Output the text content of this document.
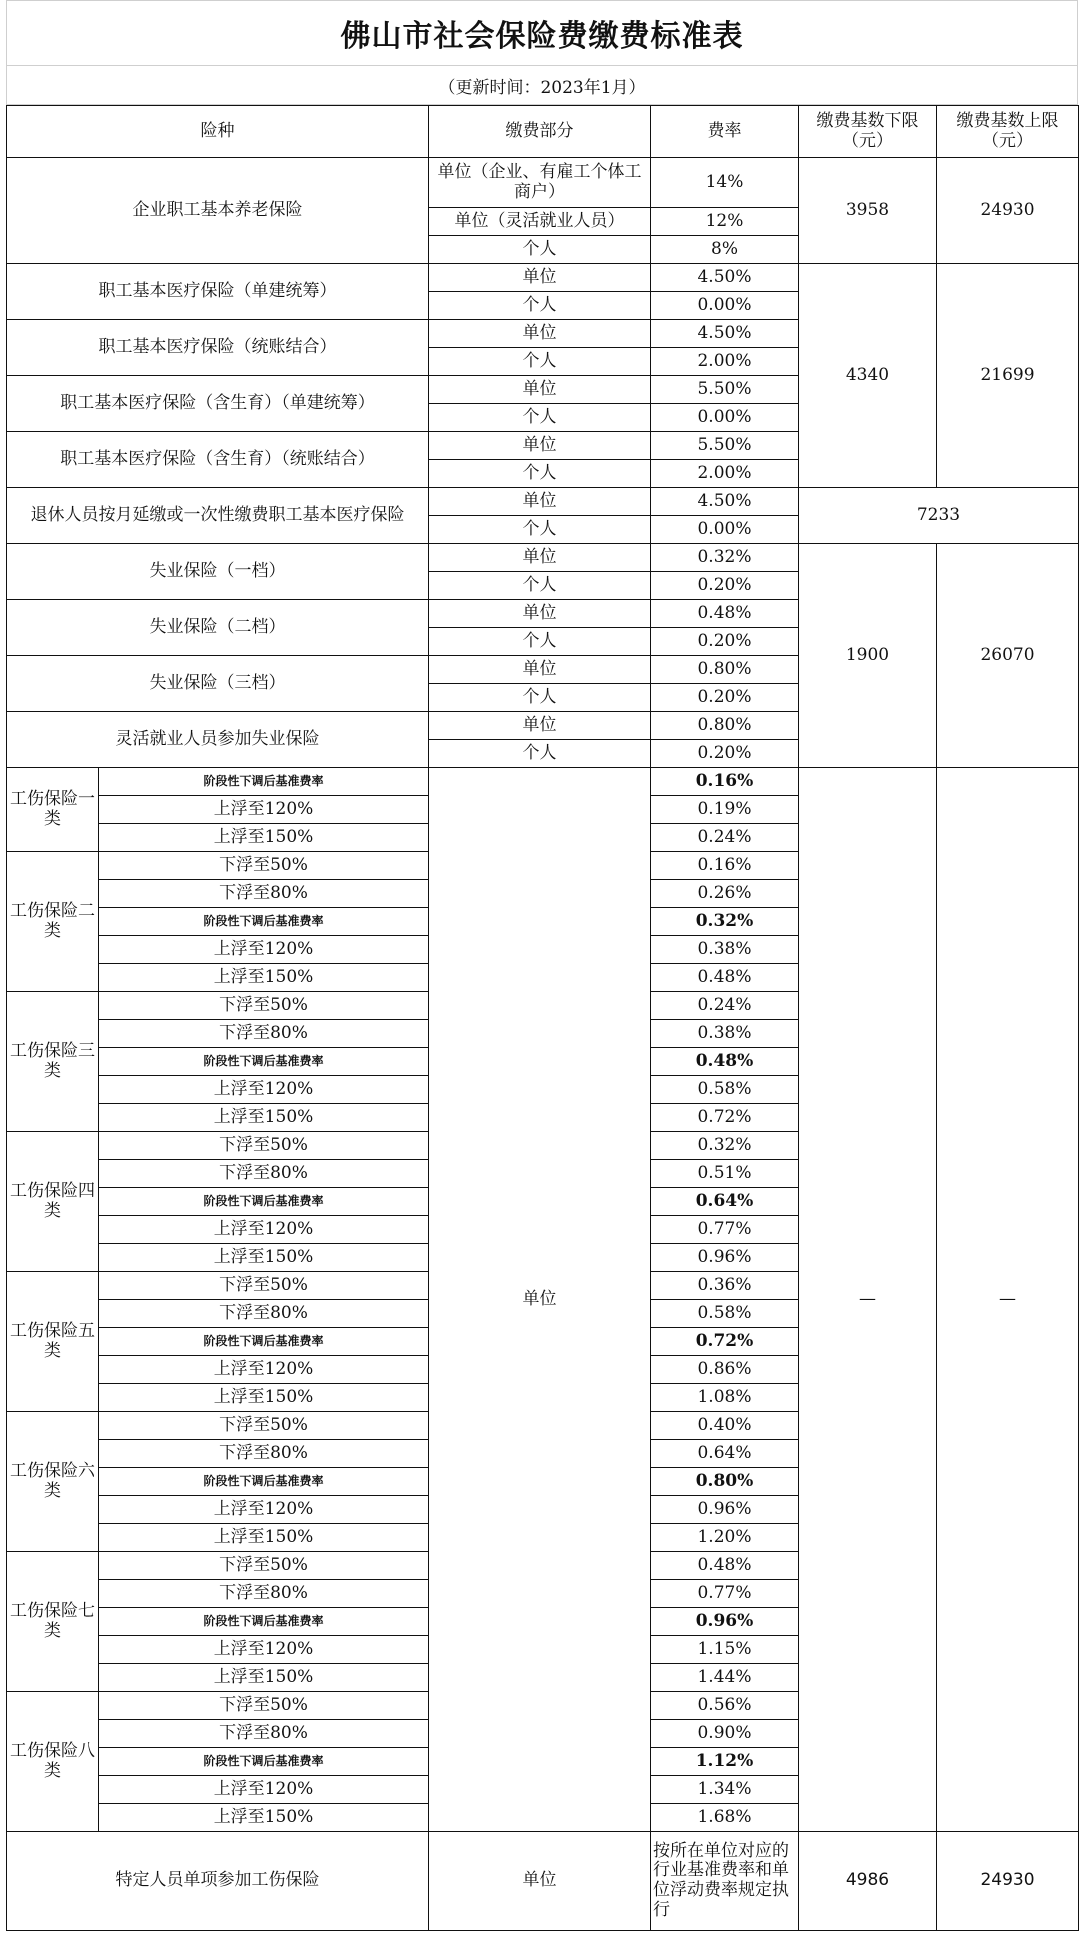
佛山市社会保险费缴费标准表
（更新时间：2023年1月）
险种		缴费部分	费率	缴费基数下限（元）	缴费基数上限（元）
企业职工基本养老保险		单位（企业、有雇工个体工商户）	14%	3958	24930
		单位（灵活就业人员）	12%		
		个人	8%		
职工基本医疗保险（单建统筹）		单位	4.50%	4340	21699
		个人	0.00%		
职工基本医疗保险（统账结合）		单位	4.50%		
		个人	2.00%		
职工基本医疗保险（含生育）（单建统筹）		单位	5.50%		
		个人	0.00%		
职工基本医疗保险（含生育）（统账结合）		单位	5.50%		
		个人	2.00%		
退休人员按月延缴或一次性缴费职工基本医疗保险		单位	4.50%	7233	
		个人	0.00%		
失业保险（一档）		单位	0.32%	1900	26070
		个人	0.20%		
失业保险（二档）		单位	0.48%		
		个人	0.20%		
失业保险（三档）		单位	0.80%		
		个人	0.20%		
灵活就业人员参加失业保险		单位	0.80%		
		个人	0.20%		
工伤保险一类	阶段性下调后基准费率	单位	0.16%	—	—
	上浮至120%		0.19%		
	上浮至150%		0.24%		
工伤保险二类	下浮至50%		0.16%		
	下浮至80%		0.26%		
	阶段性下调后基准费率		0.32%		
	上浮至120%		0.38%		
	上浮至150%		0.48%		
工伤保险三类	下浮至50%		0.24%		
	下浮至80%		0.38%		
	阶段性下调后基准费率		0.48%		
	上浮至120%		0.58%		
	上浮至150%		0.72%		
工伤保险四类	下浮至50%		0.32%		
	下浮至80%		0.51%		
	阶段性下调后基准费率		0.64%		
	上浮至120%		0.77%		
	上浮至150%		0.96%		
工伤保险五类	下浮至50%		0.36%		
	下浮至80%		0.58%		
	阶段性下调后基准费率		0.72%		
	上浮至120%		0.86%		
	上浮至150%		1.08%		
工伤保险六类	下浮至50%		0.40%		
	下浮至80%		0.64%		
	阶段性下调后基准费率		0.80%		
	上浮至120%		0.96%		
	上浮至150%		1.20%		
工伤保险七类	下浮至50%		0.48%		
	下浮至80%		0.77%		
	阶段性下调后基准费率		0.96%		
	上浮至120%		1.15%		
	上浮至150%		1.44%		
工伤保险八类	下浮至50%		0.56%		
	下浮至80%		0.90%		
	阶段性下调后基准费率		1.12%		
	上浮至120%		1.34%		
	上浮至150%		1.68%		
特定人员单项参加工伤保险		单位	按所在单位对应的行业基准费率和单位浮动费率规定执行	4986	24930
